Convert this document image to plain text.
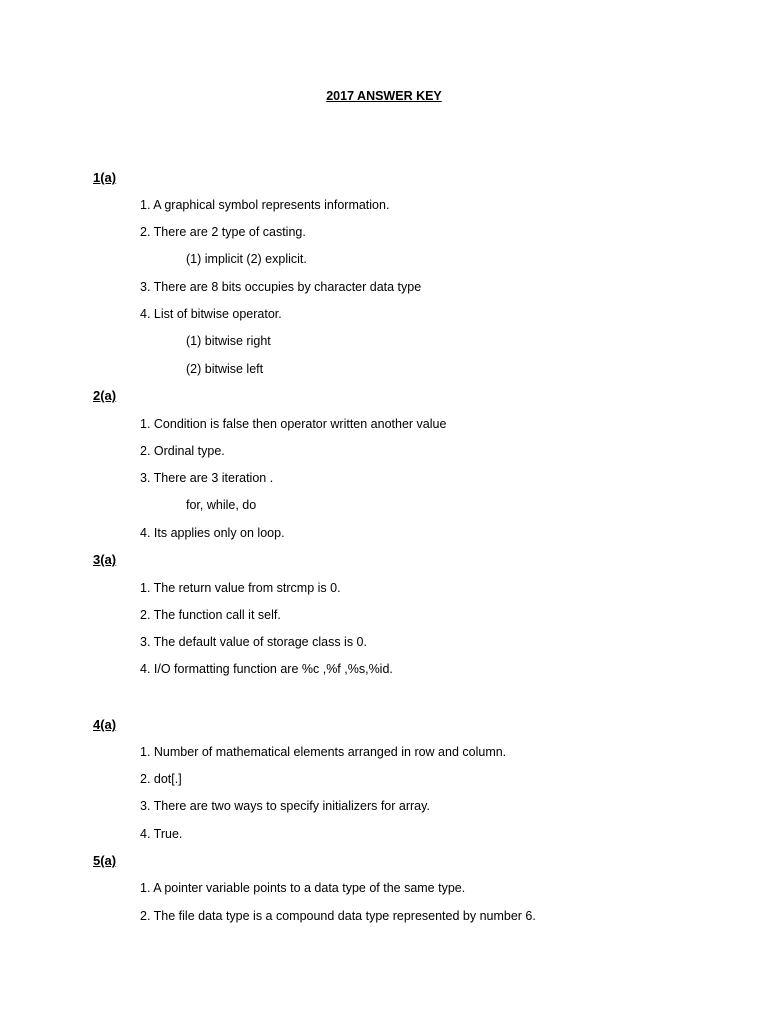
2017 ANSWER KEY
1(a)
1. A graphical symbol represents information.
2. There are 2 type of casting.
(1) implicit (2) explicit.
3. There are 8 bits occupies by character data type
4. List of bitwise operator.
(1) bitwise right
(2) bitwise left
2(a)
1. Condition is false then operator written another value
2. Ordinal type.
3. There are 3 iteration .
for, while, do
4. Its applies only on loop.
3(a)
1. The return value from strcmp is 0.
2. The function call it self.
3. The default value of storage class is 0.
4. I/O formatting function are %c ,%f ,%s,%id.
4(a)
1. Number of mathematical elements arranged in row and column.
2. dot[.]
3. There are two ways to specify initializers for array.
4. True.
5(a)
1. A pointer variable points to a data type of the same type.
2. The file data type is a compound data type represented by number 6.
